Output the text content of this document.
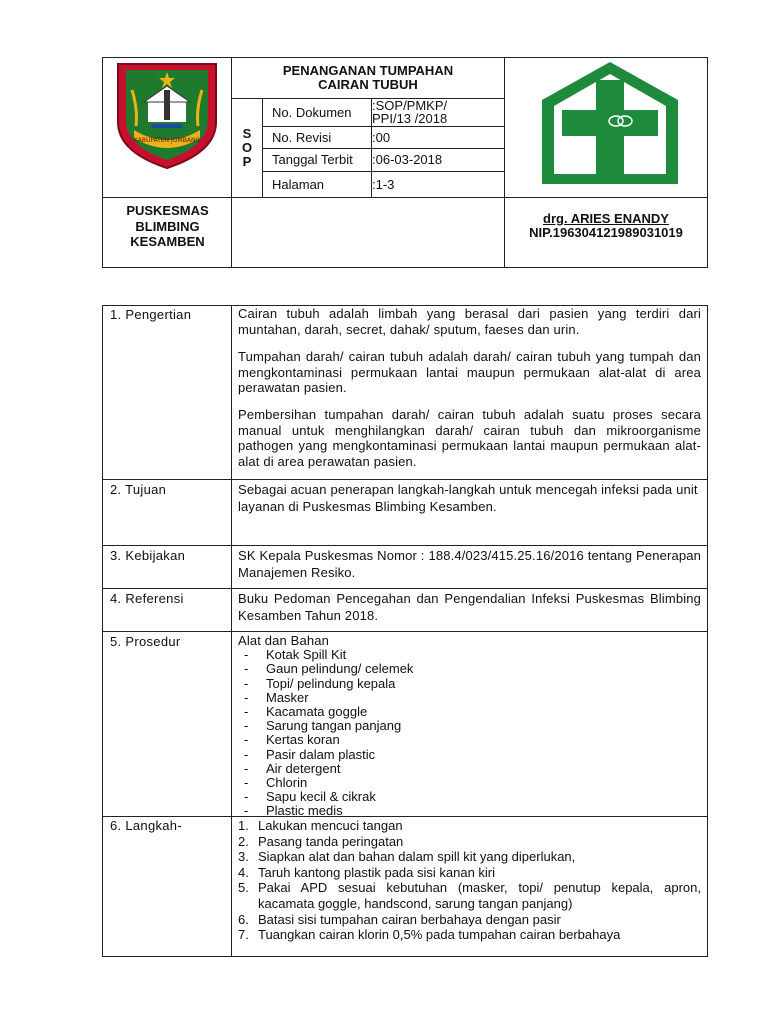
KABUPATEN JOMBANG
PENANGANAN TUMPAHAN
CAIRAN TUBUH
S
O
P
No. Dokumen :SOP/PMKP/
PPI/13 /2018
No. Revisi	:00
Tanggal Terbit :06-03-2018
Halaman	:1-3
PUSKESMAS
BLIMBING
KESAMBEN
drg. ARIES ENANDY
NIP.196304121989031019
1. Pengertian	Cairan tubuh adalah limbah yang berasal dari pasien yang terdiri dari muntahan, darah, secret, dahak/ sputum, faeses dan urin.
Tumpahan darah/ cairan tubuh adalah darah/ cairan tubuh yang tumpah dan mengkontaminasi permukaan lantai maupun permukaan alat-alat di area perawatan pasien.
Pembersihan tumpahan darah/ cairan tubuh adalah suatu proses secara manual untuk menghilangkan darah/ cairan tubuh dan mikroorganisme pathogen yang mengkontaminasi permukaan lantai maupun permukaan alat-alat di area perawatan pasien.
2. Tujuan	Sebagai acuan penerapan langkah-langkah untuk mencegah infeksi pada unit layanan di Puskesmas Blimbing Kesamben.
3. Kebijakan	SK Kepala Puskesmas Nomor : 188.4/023/415.25.16/2016 tentang Penerapan Manajemen Resiko.
4. Referensi	Buku Pedoman Pencegahan dan Pengendalian Infeksi Puskesmas Blimbing Kesamben Tahun 2018.
5. Prosedur	Alat dan Bahan
- Kotak Spill Kit
- Gaun pelindung/ celemek
- Topi/ pelindung kepala
- Masker
- Kacamata goggle
- Sarung tangan panjang
- Kertas koran
- Pasir dalam plastic
- Air detergent
- Chlorin
- Sapu kecil & cikrak
- Plastic medis
6. Langkah-	1. Lakukan mencuci tangan
2. Pasang tanda peringatan
3. Siapkan alat dan bahan dalam spill kit yang diperlukan,
4. Taruh kantong plastik pada sisi kanan kiri
5. Pakai APD sesuai kebutuhan (masker, topi/ penutup kepala, apron, kacamata goggle, handscond, sarung tangan panjang)
6. Batasi sisi tumpahan cairan berbahaya dengan pasir
7. Tuangkan cairan klorin 0,5% pada tumpahan cairan berbahaya
